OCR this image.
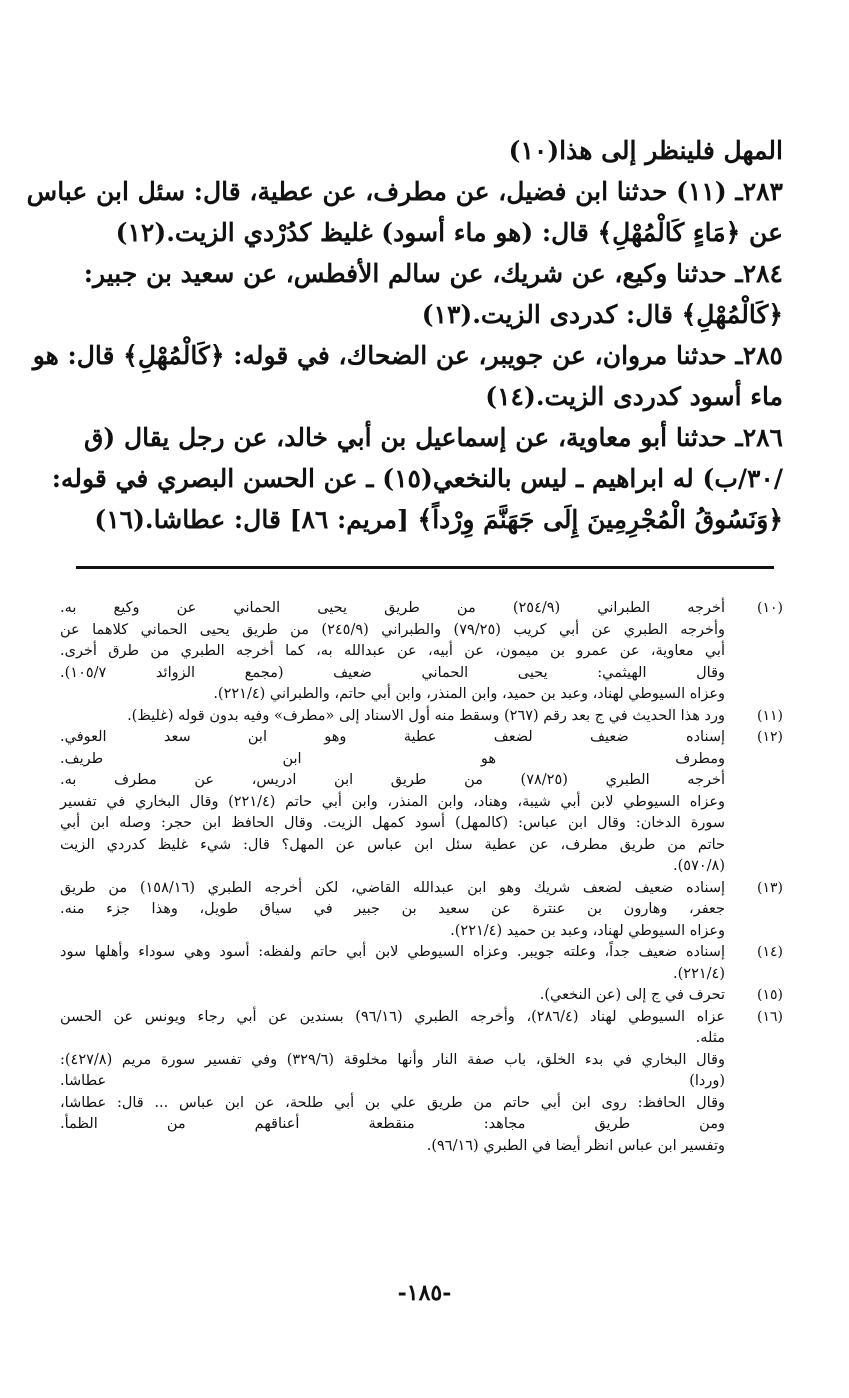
المهل فلينظر إلى هذا(١٠)
٢٨٣ـ (١١) حدثنا ابن فضيل، عن مطرف، عن عطية، قال: سئل ابن عباس
عن ﴿مَاءٍ كَالْمُهْلِ﴾ قال: (هو ماء أسود) غليظ كدُرْدي الزيت.(١٢)
٢٨٤ـ حدثنا وكيع، عن شريك، عن سالم الأفطس، عن سعيد بن جبير:
﴿كَالْمُهْلِ﴾ قال: كدردى الزيت.(١٣)
٢٨٥ـ حدثنا مروان، عن جويبر، عن الضحاك، في قوله: ﴿كَالْمُهْلِ﴾ قال: هو
ماء أسود كدردى الزيت.(١٤)
٢٨٦ـ حدثنا أبو معاوية، عن إسماعيل بن أبي خالد، عن رجل يقال (ق
/٣٠/ب) له ابراهيم ـ ليس بالنخعي(١٥) ـ عن الحسن البصري في قوله:
﴿وَنَسُوقُ الْمُجْرِمِينَ إِلَى جَهَنَّمَ وِرْداً﴾ [مريم: ٨٦] قال: عطاشا.(١٦)
(١٠)
أخرجه الطبراني (٢٥٤/٩) من طريق يحيى الحماني عن وكيع به.
وأخرجه الطبري عن أبي كريب (٧٩/٢٥) والطبراني (٢٤٥/٩) من طريق يحيى الحماني كلاهما عن
أبي معاوية، عن عمرو بن ميمون، عن أبيه، عن عبدالله به، كما أخرجه الطبري من طرق أخرى.
وقال الهيثمي: يحيى الحماني ضعيف (مجمع الزوائد ١٠٥/٧).
وعزاه السيوطي لهناد، وعبد بن حميد، وابن المنذر، وابن أبي حاتم، والطبراني (٢٢١/٤).
(١١)
ورد هذا الحديث في ج بعد رقم (٢٦٧) وسقط منه أول الاسناد إلى «مطرف» وفيه بدون قوله (غليظ).
(١٢)
إسناده ضعيف لضعف عطية وهو ابن سعد العوفي.
ومطرف هو ابن طريف.
أخرجه الطبري (٧٨/٢٥) من طريق ابن ادريس، عن مطرف به.
وعزاه السيوطي لابن أبي شيبة، وهناد، وابن المنذر، وابن أبي حاتم (٢٢١/٤) وقال البخاري في تفسير
سورة الدخان: وقال ابن عباس: (كالمهل) أسود كمهل الزيت. وقال الحافظ ابن حجر: وصله ابن أبي
حاتم من طريق مطرف، عن عطية سئل ابن عباس عن المهل؟ قال: شيء غليظ كدردي الزيت
(٥٧٠/٨).
(١٣)
إسناده ضعيف لضعف شريك وهو ابن عبدالله القاضي، لكن أخرجه الطبري (١٥٨/١٦) من طريق
جعفر، وهارون بن عنترة عن سعيد بن جبير في سياق طويل، وهذا جزء منه.
وعزاه السيوطي لهناد، وعبد بن حميد (٢٢١/٤).
(١٤)
إسناده ضعيف جداً، وعلته جويبر. وعزاه السيوطي لابن أبي حاتم ولفظه: أسود وهي سوداء وأهلها سود
(٢٢١/٤).
(١٥)
تحرف في ج إلى (عن النخعي).
(١٦)
عزاه السيوطي لهناد (٢٨٦/٤)، وأخرجه الطبري (٩٦/١٦) بسندين عن أبي رجاء ويونس عن الحسن
مثله.
وقال البخاري في بدء الخلق، باب صفة النار وأنها مخلوقة (٣٢٩/٦) وفي تفسير سورة مريم (٤٢٧/٨):
(وردا) عطاشا.
وقال الحافظ: روى ابن أبي حاتم من طريق علي بن أبي طلحة، عن ابن عباس ... قال: عطاشا،
ومن طريق مجاهد: منقطعة أعناقهم من الظمأ.
وتفسير ابن عباس انظر أيضا في الطبري (٩٦/١٦).
-١٨٥-
